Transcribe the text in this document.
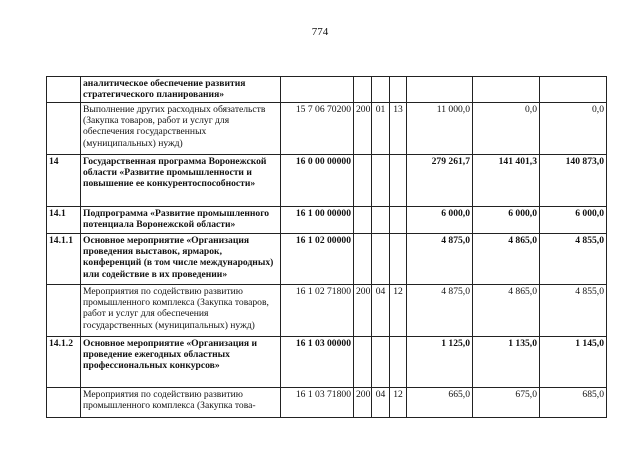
774
	аналитическое обеспечение развития стратегического планирования»							
	Выполнение других расходных обязательств (Закупка товаров, работ и услуг для обеспечения государственных (муниципальных) нужд)	15 7 06 70200	200	01	13	11 000,0	0,0	0,0
14	Государственная программа Воронежской области «Развитие промышленности и повышение ее конкурентоспособности»	16 0 00 00000				279 261,7	141 401,3	140 873,0
14.1	Подпрограмма «Развитие промышленного потенциала Воронежской области»	16 1 00 00000				6 000,0	6 000,0	6 000,0
14.1.1	Основное мероприятие «Организация проведения выставок, ярмарок, конференций (в том числе международных) или содействие в их проведении»	16 1 02 00000				4 875,0	4 865,0	4 855,0
	Мероприятия по содействию развитию промышленного комплекса (Закупка товаров, работ и услуг для обеспечения государственных (муниципальных) нужд)	16 1 02 71800	200	04	12	4 875,0	4 865,0	4 855,0
14.1.2	Основное мероприятие «Организация и проведение ежегодных областных профессиональных конкурсов»	16 1 03 00000				1 125,0	1 135,0	1 145,0
	Мероприятия по содействию развитию промышленного комплекса (Закупка това-	16 1 03 71800	200	04	12	665,0	675,0	685,0
